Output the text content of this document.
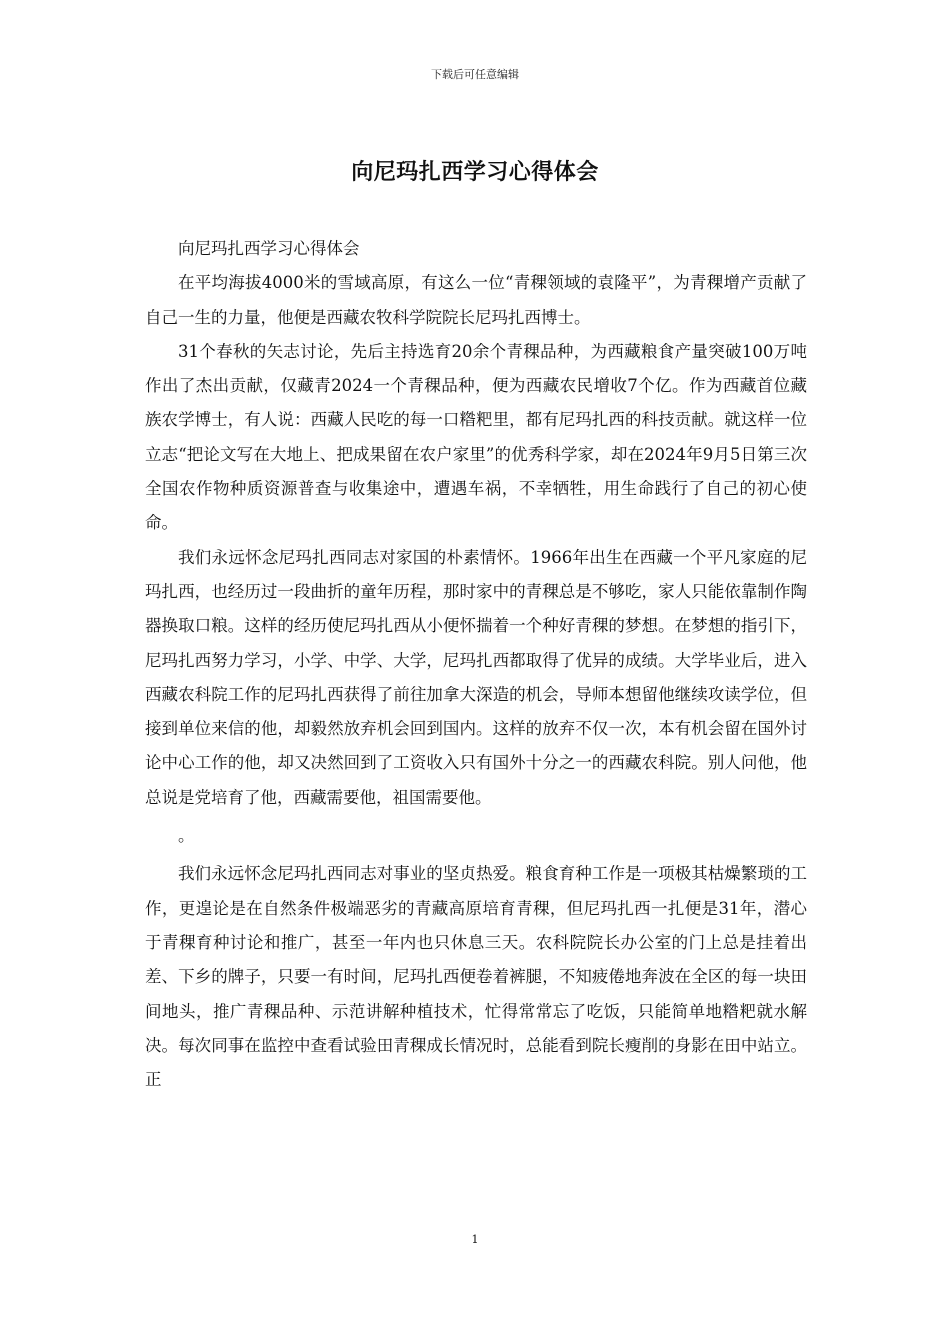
下载后可任意编辑
向尼玛扎西学习心得体会

向尼玛扎西学习心得体会

在平均海拔4000米的雪域高原，有这么一位“青稞领域的袁隆平”，为青稞增产贡献了自己一生的力量，他便是西藏农牧科学院院长尼玛扎西博士。

31个春秋的矢志讨论，先后主持选育20余个青稞品种，为西藏粮食产量突破100万吨作出了杰出贡献，仅藏青2024一个青稞品种，便为西藏农民增收7个亿。作为西藏首位藏族农学博士，有人说：西藏人民吃的每一口糌粑里，都有尼玛扎西的科技贡献。就这样一位立志“把论文写在大地上、把成果留在农户家里”的优秀科学家，却在2024年9月5日第三次全国农作物种质资源普查与收集途中，遭遇车祸，不幸牺牲，用生命践行了自己的初心使命。

我们永远怀念尼玛扎西同志对家国的朴素情怀。1966年出生在西藏一个平凡家庭的尼玛扎西，也经历过一段曲折的童年历程，那时家中的青稞总是不够吃，家人只能依靠制作陶器换取口粮。这样的经历使尼玛扎西从小便怀揣着一个种好青稞的梦想。在梦想的指引下，尼玛扎西努力学习，小学、中学、大学，尼玛扎西都取得了优异的成绩。大学毕业后，进入西藏农科院工作的尼玛扎西获得了前往加拿大深造的机会，导师本想留他继续攻读学位，但接到单位来信的他，却毅然放弃机会回到国内。这样的放弃不仅一次，本有机会留在国外讨论中心工作的他，却又决然回到了工资收入只有国外十分之一的西藏农科院。别人问他，他总说是党培育了他，西藏需要他，祖国需要他。

。

我们永远怀念尼玛扎西同志对事业的坚贞热爱。粮食育种工作是一项极其枯燥繁琐的工作，更遑论是在自然条件极端恶劣的青藏高原培育青稞，但尼玛扎西一扎便是31年，潜心于青稞育种讨论和推广，甚至一年内也只休息三天。农科院院长办公室的门上总是挂着出差、下乡的牌子，只要一有时间，尼玛扎西便卷着裤腿，不知疲倦地奔波在全区的每一块田间地头，推广青稞品种、示范讲解种植技术，忙得常常忘了吃饭，只能简单地糌粑就水解决。每次同事在监控中查看试验田青稞成长情况时，总能看到院长瘦削的身影在田中站立。正

1
